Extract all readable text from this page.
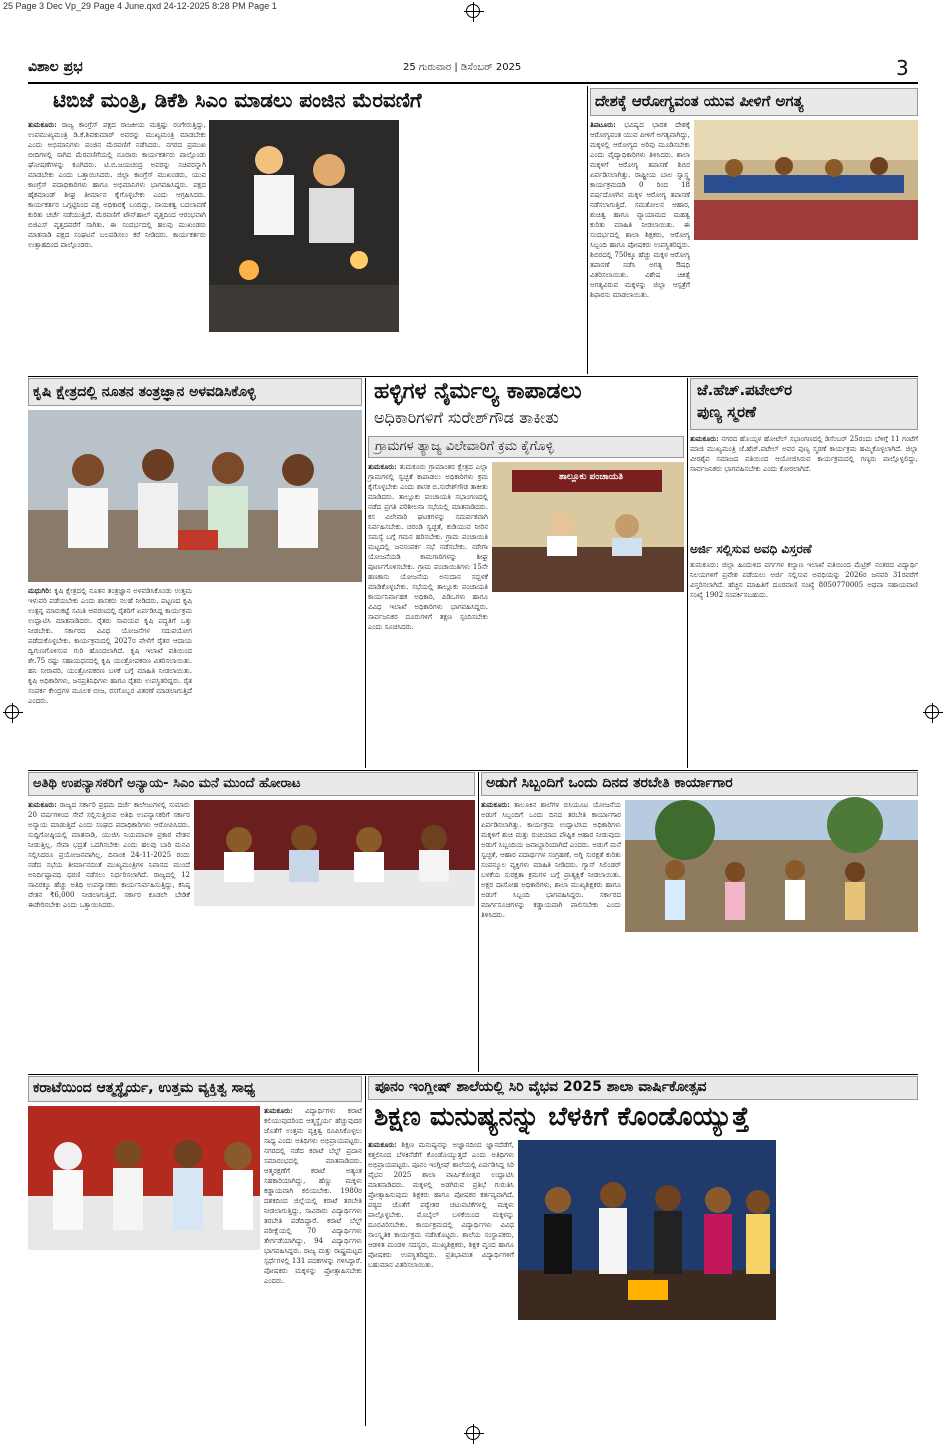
25 Page 3 Dec Vp_29 Page 4 June.qxd 24-12-2025 8:28 PM Page 1
ವಿಶಾಲ ಪ್ರಭ	25 ಗುರುವಾರ | ಡಿಸೆಂಬರ್ 2025	3
ಟಿಬಿಜೆ ಮಂತ್ರಿ, ಡಿಕೆಶಿ ಸಿಎಂ ಮಾಡಲು ಪಂಜಿನ ಮೆರವಣಿಗೆ
ತುಮಕೂರು: ರಾಜ್ಯ ಕಾಂಗ್ರೆಸ್ ಪಕ್ಷದ ರಾಜಕೀಯ ಮತ್ತಷ್ಟು ರಂಗೇರುತ್ತಿದ್ದು, ಉಪಮುಖ್ಯಮಂತ್ರಿ ಡಿ.ಕೆ.ಶಿವಕುಮಾರ್ ಅವರನ್ನು ಮುಖ್ಯಮಂತ್ರಿ ಮಾಡಬೇಕು ಎಂದು ಅಭಿಮಾನಿಗಳು ಪಂಜಿನ ಮೆರವಣಿಗೆ ನಡೆಸಿದರು. ನಗರದ ಪ್ರಮುಖ ಬೀದಿಗಳಲ್ಲಿ ಸಾಗಿದ ಮೆರವಣಿಗೆಯಲ್ಲಿ ನೂರಾರು ಕಾರ್ಯಕರ್ತರು ಪಾಲ್ಗೊಂಡು ಘೋಷಣೆಗಳನ್ನು ಕೂಗಿದರು. ಟಿ.ಬಿ.ಜಯಚಂದ್ರ ಅವರನ್ನು ಸಚಿವರನ್ನಾಗಿ ಮಾಡಬೇಕು ಎಂದು ಒತ್ತಾಯಿಸಿದರು. ಜಿಲ್ಲಾ ಕಾಂಗ್ರೆಸ್ ಮುಖಂಡರು, ಯುವ ಕಾಂಗ್ರೆಸ್ ಪದಾಧಿಕಾರಿಗಳು ಹಾಗೂ ಅಭಿಮಾನಿಗಳು ಭಾಗವಹಿಸಿದ್ದರು. ಪಕ್ಷದ ಹೈಕಮಾಂಡ್ ಶೀಘ್ರ ತೀರ್ಮಾನ ಕೈಗೊಳ್ಳಬೇಕು ಎಂದು ಆಗ್ರಹಿಸಿದರು. ಕಾರ್ಯಕರ್ತರ ಒಗ್ಗಟ್ಟಿನಿಂದ ಪಕ್ಷ ಅಧಿಕಾರಕ್ಕೆ ಬಂದಿದ್ದು, ನಾಯಕತ್ವ ಬದಲಾವಣೆ ಕುರಿತು ಚರ್ಚೆ ನಡೆಯುತ್ತಿದೆ. ಮೆರವಣಿಗೆ ಟೌನ್‌ಹಾಲ್ ವೃತ್ತದಿಂದ ಆರಂಭವಾಗಿ ಬಿಜಿಎಸ್ ವೃತ್ತದವರೆಗೆ ಸಾಗಿತು. ಈ ಸಂದರ್ಭದಲ್ಲಿ ಹಲವು ಮುಖಂಡರು ಮಾತನಾಡಿ ಪಕ್ಷದ ಸಂಘಟನೆ ಬಲಪಡಿಸಲು ಕರೆ ನೀಡಿದರು. ಕಾರ್ಯಕರ್ತರು ಉತ್ಸಾಹದಿಂದ ಪಾಲ್ಗೊಂಡರು.
ದೇಶಕ್ಕೆ ಆರೋಗ್ಯವಂತ ಯುವ ಪೀಳಿಗೆ ಅಗತ್ಯ
ತಿಪಟೂರು: ಭವಿಷ್ಯದ ಭಾರತ ದೇಶಕ್ಕೆ ಆರೋಗ್ಯವಂತ ಯುವ ಪೀಳಿಗೆ ಅಗತ್ಯವಾಗಿದ್ದು, ಮಕ್ಕಳಲ್ಲಿ ಆರೋಗ್ಯದ ಅರಿವು ಮೂಡಿಸಬೇಕು ಎಂದು ವೈದ್ಯಾಧಿಕಾರಿಗಳು ತಿಳಿಸಿದರು. ಶಾಲಾ ಮಕ್ಕಳಿಗೆ ಆರೋಗ್ಯ ತಪಾಸಣೆ ಶಿಬಿರ ಏರ್ಪಡಿಸಲಾಗಿತ್ತು. ರಾಷ್ಟ್ರೀಯ ಬಾಲ ಸ್ವಾಸ್ಥ್ಯ ಕಾರ್ಯಕ್ರಮದಡಿ 0 ರಿಂದ 18 ವರ್ಷದೊಳಗಿನ ಮಕ್ಕಳ ಆರೋಗ್ಯ ತಪಾಸಣೆ ನಡೆಸಲಾಗುತ್ತಿದೆ. ಸಮತೋಲನ ಆಹಾರ, ಶುಚಿತ್ವ ಹಾಗೂ ವ್ಯಾಯಾಮದ ಮಹತ್ವ ಕುರಿತು ಮಾಹಿತಿ ನೀಡಲಾಯಿತು. ಈ ಸಂದರ್ಭದಲ್ಲಿ ಶಾಲಾ ಶಿಕ್ಷಕರು, ಆರೋಗ್ಯ ಸಿಬ್ಬಂದಿ ಹಾಗೂ ಪೋಷಕರು ಉಪಸ್ಥಿತರಿದ್ದರು. ಶಿಬಿರದಲ್ಲಿ 750ಕ್ಕೂ ಹೆಚ್ಚು ಮಕ್ಕಳ ಆರೋಗ್ಯ ತಪಾಸಣೆ ನಡೆಸಿ ಅಗತ್ಯ ಔಷಧಿ ವಿತರಿಸಲಾಯಿತು. ವಿಶೇಷ ಚಿಕಿತ್ಸೆ ಅಗತ್ಯವಿರುವ ಮಕ್ಕಳನ್ನು ಜಿಲ್ಲಾ ಆಸ್ಪತ್ರೆಗೆ ಶಿಫಾರಸು ಮಾಡಲಾಯಿತು.
ಕೃಷಿ ಕ್ಷೇತ್ರದಲ್ಲಿ ನೂತನ ತಂತ್ರಜ್ಞಾನ ಅಳವಡಿಸಿಕೊಳ್ಳಿ
ಮಧುಗಿರಿ: ಕೃಷಿ ಕ್ಷೇತ್ರದಲ್ಲಿ ನೂತನ ತಂತ್ರಜ್ಞಾನ ಅಳವಡಿಸಿಕೊಂಡು ಉತ್ತಮ ಇಳುವರಿ ಪಡೆಯಬೇಕು ಎಂದು ಶಾಸಕರು ಸಲಹೆ ನೀಡಿದರು. ಪಟ್ಟಣದ ಕೃಷಿ ಉತ್ಪನ್ನ ಮಾರುಕಟ್ಟೆ ಸಮಿತಿ ಆವರಣದಲ್ಲಿ ರೈತರಿಗೆ ಏರ್ಪಡಿಸಿದ್ದ ಕಾರ್ಯಕ್ರಮ ಉದ್ಘಾಟಿಸಿ ಮಾತನಾಡಿದರು. ರೈತರು ಸಾವಯವ ಕೃಷಿ ಪದ್ಧತಿಗೆ ಒತ್ತು ನೀಡಬೇಕು. ಸರ್ಕಾರದ ವಿವಿಧ ಯೋಜನೆಗಳ ಸದುಪಯೋಗ ಪಡೆದುಕೊಳ್ಳಬೇಕು. ಕಾರ್ಯಕ್ರಮದಲ್ಲಿ 2027ರ ವೇಳೆಗೆ ರೈತರ ಆದಾಯ ದ್ವಿಗುಣಗೊಳಿಸುವ ಗುರಿ ಹೊಂದಲಾಗಿದೆ. ಕೃಷಿ ಇಲಾಖೆ ವತಿಯಿಂದ ಶೇ.75 ರಷ್ಟು ಸಹಾಯಧನದಲ್ಲಿ ಕೃಷಿ ಯಂತ್ರೋಪಕರಣ ವಿತರಿಸಲಾಯಿತು. ಹನಿ ನೀರಾವರಿ, ಯಂತ್ರೋಪಕರಣ ಬಳಕೆ ಬಗ್ಗೆ ಮಾಹಿತಿ ನೀಡಲಾಯಿತು. ಕೃಷಿ ಅಧಿಕಾರಿಗಳು, ಜನಪ್ರತಿನಿಧಿಗಳು ಹಾಗೂ ರೈತರು ಉಪಸ್ಥಿತರಿದ್ದರು. ರೈತ ಸಂಪರ್ಕ ಕೇಂದ್ರಗಳ ಮೂಲಕ ಬೀಜ, ರಸಗೊಬ್ಬರ ವಿತರಣೆ ಮಾಡಲಾಗುತ್ತಿದೆ ಎಂದರು.
ಹಳ್ಳಿಗಳ ನೈರ್ಮಲ್ಯ ಕಾಪಾಡಲು
ಅಧಿಕಾರಿಗಳಿಗೆ ಸುರೇಶ್‌ಗೌಡ ತಾಕೀತು
ಗ್ರಾಮಗಳ ತ್ಯಾಜ್ಯ ವಿಲೇವಾರಿಗೆ ಕ್ರಮ ಕೈಗೊಳ್ಳಿ
ತುಮಕೂರು: ತುಮಕೂರು ಗ್ರಾಮಾಂತರ ಕ್ಷೇತ್ರದ ಎಲ್ಲಾ ಗ್ರಾಮಗಳಲ್ಲಿ ಸ್ವಚ್ಛತೆ ಕಾಪಾಡಲು ಅಧಿಕಾರಿಗಳು ಕ್ರಮ ಕೈಗೊಳ್ಳಬೇಕು ಎಂದು ಶಾಸಕ ಬಿ.ಸುರೇಶ್‌ಗೌಡ ತಾಕೀತು ಮಾಡಿದರು. ತಾಲ್ಲೂಕು ಪಂಚಾಯತಿ ಸಭಾಂಗಣದಲ್ಲಿ ನಡೆದ ಪ್ರಗತಿ ಪರಿಶೀಲನಾ ಸಭೆಯಲ್ಲಿ ಮಾತನಾಡಿದರು. ಕಸ ವಿಲೇವಾರಿ ಘಟಕಗಳನ್ನು ಸಮರ್ಪಕವಾಗಿ ನಿರ್ವಹಿಸಬೇಕು. ಚರಂಡಿ ಸ್ವಚ್ಛತೆ, ಕುಡಿಯುವ ನೀರಿನ ಸಮಸ್ಯೆ ಬಗ್ಗೆ ಗಮನ ಹರಿಸಬೇಕು. ಗ್ರಾಮ ಪಂಚಾಯಿತಿ ಮಟ್ಟದಲ್ಲಿ ಜನಸಂಪರ್ಕ ಸಭೆ ನಡೆಸಬೇಕು. ನರೇಗಾ ಯೋಜನೆಯಡಿ ಕಾಮಗಾರಿಗಳನ್ನು ಶೀಘ್ರ ಪೂರ್ಣಗೊಳಿಸಬೇಕು. ಗ್ರಾಮ ಪಂಚಾಯಿತಿಗಳು 15ನೇ ಹಣಕಾಸು ಯೋಜನೆಯ ಅನುದಾನ ಸದ್ಬಳಕೆ ಮಾಡಿಕೊಳ್ಳಬೇಕು. ಸಭೆಯಲ್ಲಿ ತಾಲ್ಲೂಕು ಪಂಚಾಯತಿ ಕಾರ್ಯನಿರ್ವಾಹಕ ಅಧಿಕಾರಿ, ಪಿಡಿಒಗಳು ಹಾಗೂ ವಿವಿಧ ಇಲಾಖೆ ಅಧಿಕಾರಿಗಳು ಭಾಗವಹಿಸಿದ್ದರು. ಸಾರ್ವಜನಿಕರ ದೂರುಗಳಿಗೆ ತಕ್ಷಣ ಸ್ಪಂದಿಸಬೇಕು ಎಂದು ಸೂಚಿಸಿದರು.
ತಾಲ್ಲೂಕು ಪಂಚಾಯತಿ
ಜೆ.ಹೆಚ್.ಪಟೇಲ್‌ರ
ಪುಣ್ಯ ಸ್ಮರಣೆ
ತುಮಕೂರು: ನಗರದ ಹೊಯ್ಸಳ ಹೋಟೆಲ್ ಸಭಾಂಗಣದಲ್ಲಿ ಡಿಸೆಂಬರ್ 25ರಂದು ಬೆಳಿಗ್ಗೆ 11 ಗಂಟೆಗೆ ಮಾಜಿ ಮುಖ್ಯಮಂತ್ರಿ ಜೆ.ಹೆಚ್.ಪಟೇಲ್ ಅವರ ಪುಣ್ಯ ಸ್ಮರಣೆ ಕಾರ್ಯಕ್ರಮ ಹಮ್ಮಿಕೊಳ್ಳಲಾಗಿದೆ. ಜಿಲ್ಲಾ ವೀರಶೈವ ಸಮಾಜದ ವತಿಯಿಂದ ಆಯೋಜಿಸಿರುವ ಕಾರ್ಯಕ್ರಮದಲ್ಲಿ ಗಣ್ಯರು ಪಾಲ್ಗೊಳ್ಳಲಿದ್ದು, ಸಾರ್ವಜನಿಕರು ಭಾಗವಹಿಸಬೇಕು ಎಂದು ಕೋರಲಾಗಿದೆ.
ಅರ್ಜಿ ಸಲ್ಲಿಸುವ ಅವಧಿ ವಿಸ್ತರಣೆ
ತುಮಕೂರು: ಜಿಲ್ಲಾ ಹಿಂದುಳಿದ ವರ್ಗಗಳ ಕಲ್ಯಾಣ ಇಲಾಖೆ ವತಿಯಿಂದ ಮೆಟ್ರಿಕ್ ನಂತರದ ವಿದ್ಯಾರ್ಥಿ ನಿಲಯಗಳಿಗೆ ಪ್ರವೇಶ ಪಡೆಯಲು ಅರ್ಜಿ ಸಲ್ಲಿಸುವ ಅವಧಿಯನ್ನು 2026ರ ಜನವರಿ 31ರವರೆಗೆ ವಿಸ್ತರಿಸಲಾಗಿದೆ. ಹೆಚ್ಚಿನ ಮಾಹಿತಿಗೆ ದೂರವಾಣಿ ಸಂಖ್ಯೆ 8050770005 ಅಥವಾ ಸಹಾಯವಾಣಿ ಸಂಖ್ಯೆ 1902 ಸಂಪರ್ಕಿಸಬಹುದು.
ಅತಿಥಿ ಉಪನ್ಯಾಸಕರಿಗೆ ಅನ್ಯಾಯ- ಸಿಎಂ ಮನೆ ಮುಂದೆ ಹೋರಾಟ
ತುಮಕೂರು: ರಾಜ್ಯದ ಸರ್ಕಾರಿ ಪ್ರಥಮ ದರ್ಜೆ ಕಾಲೇಜುಗಳಲ್ಲಿ ಸುಮಾರು 20 ವರ್ಷಗಳಿಂದ ಸೇವೆ ಸಲ್ಲಿಸುತ್ತಿರುವ ಅತಿಥಿ ಉಪನ್ಯಾಸಕರಿಗೆ ಸರ್ಕಾರ ಅನ್ಯಾಯ ಮಾಡುತ್ತಿದೆ ಎಂದು ಸಂಘದ ಪದಾಧಿಕಾರಿಗಳು ಆರೋಪಿಸಿದರು. ಸುದ್ದಿಗೋಷ್ಠಿಯಲ್ಲಿ ಮಾತನಾಡಿ, ಯುಜಿಸಿ ನಿಯಮಾವಳಿ ಪ್ರಕಾರ ವೇತನ ನೀಡುತ್ತಿಲ್ಲ. ಸೇವಾ ಭದ್ರತೆ ಒದಗಿಸಬೇಕು ಎಂದು ಹಲವು ಬಾರಿ ಮನವಿ ಸಲ್ಲಿಸಿದರೂ ಪ್ರಯೋಜನವಾಗಿಲ್ಲ. ದಿನಾಂಕ 24-11-2025 ರಂದು ನಡೆದ ಸಭೆಯ ತೀರ್ಮಾನದಂತೆ ಮುಖ್ಯಮಂತ್ರಿಗಳ ನಿವಾಸದ ಮುಂದೆ ಅನಿರ್ದಿಷ್ಟಾವಧಿ ಧರಣಿ ನಡೆಸಲು ನಿರ್ಧರಿಸಲಾಗಿದೆ. ರಾಜ್ಯದಲ್ಲಿ 12 ಸಾವಿರಕ್ಕೂ ಹೆಚ್ಚು ಅತಿಥಿ ಉಪನ್ಯಾಸಕರು ಕಾರ್ಯನಿರ್ವಹಿಸುತ್ತಿದ್ದು, ಕನಿಷ್ಠ ವೇತನ ₹6,000 ನೀಡಲಾಗುತ್ತಿದೆ. ಸರ್ಕಾರ ಕೂಡಲೇ ಬೇಡಿಕೆ ಈಡೇರಿಸಬೇಕು ಎಂದು ಒತ್ತಾಯಿಸಿದರು.
ಅಡುಗೆ ಸಿಬ್ಬಂದಿಗೆ ಒಂದು ದಿನದ ತರಬೇತಿ ಕಾರ್ಯಾಗಾರ
ತುಮಕೂರು: ತಾಲೂಕಿನ ಶಾಲೆಗಳ ಬಿಸಿಯೂಟ ಯೋಜನೆಯ ಅಡುಗೆ ಸಿಬ್ಬಂದಿಗೆ ಒಂದು ದಿನದ ತರಬೇತಿ ಕಾರ್ಯಾಗಾರ ಏರ್ಪಡಿಸಲಾಗಿತ್ತು. ಕಾರ್ಯಕ್ರಮ ಉದ್ಘಾಟಿಸಿದ ಅಧಿಕಾರಿಗಳು ಮಕ್ಕಳಿಗೆ ಶುಚಿ ಮತ್ತು ರುಚಿಯಾದ ಪೌಷ್ಟಿಕ ಆಹಾರ ನೀಡುವುದು ಅಡುಗೆ ಸಿಬ್ಬಂದಿಯ ಜವಾಬ್ದಾರಿಯಾಗಿದೆ ಎಂದರು. ಅಡುಗೆ ಮನೆ ಸ್ವಚ್ಛತೆ, ಆಹಾರ ಪದಾರ್ಥಗಳ ಸಂಗ್ರಹಣೆ, ಅಗ್ನಿ ಸುರಕ್ಷತೆ ಕುರಿತು ಸಂಪನ್ಮೂಲ ವ್ಯಕ್ತಿಗಳು ಮಾಹಿತಿ ನೀಡಿದರು. ಗ್ಯಾಸ್ ಸಿಲಿಂಡರ್ ಬಳಕೆಯ ಸುರಕ್ಷತಾ ಕ್ರಮಗಳ ಬಗ್ಗೆ ಪ್ರಾತ್ಯಕ್ಷಿಕೆ ನೀಡಲಾಯಿತು. ಅಕ್ಷರ ದಾಸೋಹ ಅಧಿಕಾರಿಗಳು, ಶಾಲಾ ಮುಖ್ಯಶಿಕ್ಷಕರು ಹಾಗೂ ಅಡುಗೆ ಸಿಬ್ಬಂದಿ ಭಾಗವಹಿಸಿದ್ದರು. ಸರ್ಕಾರದ ಮಾರ್ಗಸೂಚಿಗಳನ್ನು ಕಡ್ಡಾಯವಾಗಿ ಪಾಲಿಸಬೇಕು ಎಂದು ತಿಳಿಸಿದರು.
ಕರಾಟೆಯಿಂದ ಆತ್ಮಸ್ಥೈರ್ಯ, ಉತ್ತಮ ವ್ಯಕ್ತಿತ್ವ ಸಾಧ್ಯ
ತುಮಕೂರು: ವಿದ್ಯಾರ್ಥಿಗಳು ಕರಾಟೆ ಕಲಿಯುವುದರಿಂದ ಆತ್ಮಸ್ಥೈರ್ಯ ಹೆಚ್ಚುವುದರ ಜೊತೆಗೆ ಉತ್ತಮ ವ್ಯಕ್ತಿತ್ವ ರೂಪಿಸಿಕೊಳ್ಳಲು ಸಾಧ್ಯ ಎಂದು ಅತಿಥಿಗಳು ಅಭಿಪ್ರಾಯಪಟ್ಟರು. ನಗರದಲ್ಲಿ ನಡೆದ ಕರಾಟೆ ಬೆಲ್ಟ್ ಪ್ರದಾನ ಸಮಾರಂಭದಲ್ಲಿ ಮಾತನಾಡಿದರು. ಆತ್ಮರಕ್ಷಣೆಗೆ ಕರಾಟೆ ಅತ್ಯಂತ ಸಹಕಾರಿಯಾಗಿದ್ದು, ಹೆಣ್ಣು ಮಕ್ಕಳು ಕಡ್ಡಾಯವಾಗಿ ಕಲಿಯಬೇಕು. 1980ರ ದಶಕದಿಂದ ಜಿಲ್ಲೆಯಲ್ಲಿ ಕರಾಟೆ ತರಬೇತಿ ನೀಡಲಾಗುತ್ತಿದ್ದು, ಸಾವಿರಾರು ವಿದ್ಯಾರ್ಥಿಗಳು ತರಬೇತಿ ಪಡೆದಿದ್ದಾರೆ. ಕರಾಟೆ ಬೆಲ್ಟ್ ಪರೀಕ್ಷೆಯಲ್ಲಿ 70 ವಿದ್ಯಾರ್ಥಿಗಳು ತೇರ್ಗಡೆಯಾಗಿದ್ದು, 94 ವಿದ್ಯಾರ್ಥಿಗಳು ಭಾಗವಹಿಸಿದ್ದರು. ರಾಜ್ಯ ಮತ್ತು ರಾಷ್ಟ್ರಮಟ್ಟದ ಸ್ಪರ್ಧೆಗಳಲ್ಲಿ 131 ಪದಕಗಳನ್ನು ಗಳಿಸಿದ್ದಾರೆ. ಪೋಷಕರು ಮಕ್ಕಳನ್ನು ಪ್ರೋತ್ಸಾಹಿಸಬೇಕು ಎಂದರು.
ಪೂನಂ ಇಂಗ್ಲೀಷ್ ಶಾಲೆಯಲ್ಲಿ ಸಿರಿ ವೈಭವ 2025 ಶಾಲಾ ವಾರ್ಷಿಕೋತ್ಸವ
ಶಿಕ್ಷಣ ಮನುಷ್ಯನನ್ನು ಬೆಳಕಿಗೆ ಕೊಂಡೊಯ್ಯುತ್ತೆ
ತುಮಕೂರು: ಶಿಕ್ಷಣ ಮನುಷ್ಯನನ್ನು ಅಜ್ಞಾನದಿಂದ ಜ್ಞಾನದೆಡೆಗೆ, ಕತ್ತಲಿನಿಂದ ಬೆಳಕಿನೆಡೆಗೆ ಕೊಂಡೊಯ್ಯುತ್ತದೆ ಎಂದು ಅತಿಥಿಗಳು ಅಭಿಪ್ರಾಯಪಟ್ಟರು. ಪೂನಂ ಇಂಗ್ಲೀಷ್ ಶಾಲೆಯಲ್ಲಿ ಏರ್ಪಡಿಸಿದ್ದ ಸಿರಿ ವೈಭವ 2025 ಶಾಲಾ ವಾರ್ಷಿಕೋತ್ಸವ ಉದ್ಘಾಟಿಸಿ ಮಾತನಾಡಿದರು. ಮಕ್ಕಳಲ್ಲಿ ಅಡಗಿರುವ ಪ್ರತಿಭೆ ಗುರುತಿಸಿ ಪ್ರೋತ್ಸಾಹಿಸುವುದು ಶಿಕ್ಷಕರು ಹಾಗೂ ಪೋಷಕರ ಕರ್ತವ್ಯವಾಗಿದೆ. ಪಠ್ಯದ ಜೊತೆಗೆ ಪಠ್ಯೇತರ ಚಟುವಟಿಕೆಗಳಲ್ಲಿ ಮಕ್ಕಳು ಪಾಲ್ಗೊಳ್ಳಬೇಕು. ಮೊಬೈಲ್ ಬಳಕೆಯಿಂದ ಮಕ್ಕಳನ್ನು ದೂರವಿರಿಸಬೇಕು. ಕಾರ್ಯಕ್ರಮದಲ್ಲಿ ವಿದ್ಯಾರ್ಥಿಗಳು ವಿವಿಧ ಸಾಂಸ್ಕೃತಿಕ ಕಾರ್ಯಕ್ರಮ ನಡೆಸಿಕೊಟ್ಟರು. ಶಾಲೆಯ ಸಂಸ್ಥಾಪಕರು, ಆಡಳಿತ ಮಂಡಳಿ ಸದಸ್ಯರು, ಮುಖ್ಯಶಿಕ್ಷಕರು, ಶಿಕ್ಷಕ ವೃಂದ ಹಾಗೂ ಪೋಷಕರು ಉಪಸ್ಥಿತರಿದ್ದರು. ಪ್ರತಿಭಾವಂತ ವಿದ್ಯಾರ್ಥಿಗಳಿಗೆ ಬಹುಮಾನ ವಿತರಿಸಲಾಯಿತು.
